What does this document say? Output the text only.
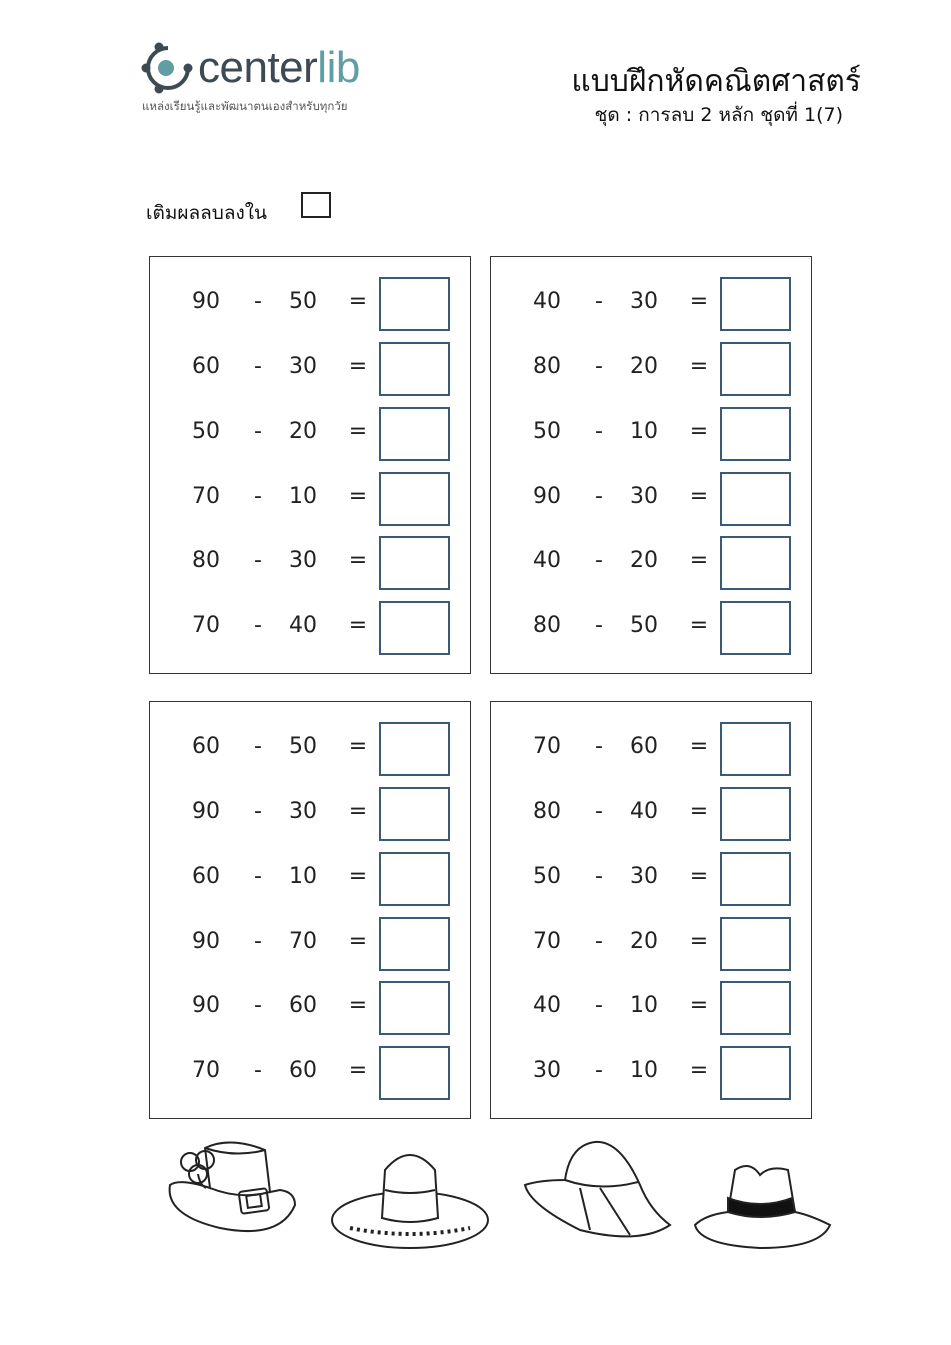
centerlib
แหล่งเรียนรู้และพัฒนาตนเองสำหรับทุกวัย
แบบฝึกหัดคณิตศาสตร์
ชุด : การลบ 2 หลัก ชุดที่ 1(7)
เติมผลลบลงใน
90	-	50	=
60	-	30	=
50	-	20	=
70	-	10	=
80	-	30	=
70	-	40	=
40	-	30	=
80	-	20	=
50	-	10	=
90	-	30	=
40	-	20	=
80	-	50	=
60	-	50	=
90	-	30	=
60	-	10	=
90	-	70	=
90	-	60	=
70	-	60	=
70	-	60	=
80	-	40	=
50	-	30	=
70	-	20	=
40	-	10	=
30	-	10	=
